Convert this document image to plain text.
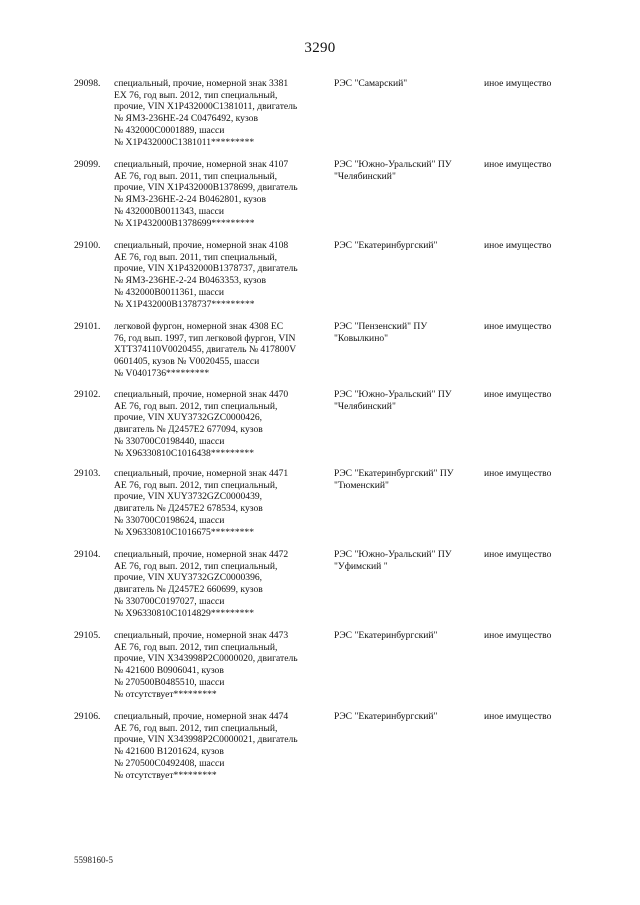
3290
29098.	специальный, прочие, номерной знак 3381
ЕХ 76, год вып. 2012, тип специальный,
прочие, VIN X1P432000C1381011, двигатель
№ ЯМЗ-236НЕ-24 С0476492, кузов
№ 432000С0001889, шасси
№ X1P432000С1381011*********
РЭС "Самарский"	иное имущество
29099.	специальный, прочие, номерной знак 4107
АЕ 76, год вып. 2011, тип специальный,
прочие, VIN X1P432000B1378699, двигатель
№ ЯМЗ-236НЕ-2-24 В0462801, кузов
№ 432000В0011343, шасси
№ X1P432000B1378699*********
РЭС "Южно-Уральский" ПУ
"Челябинский"
иное имущество
29100.	специальный, прочие, номерной знак 4108
АЕ 76, год вып. 2011, тип специальный,
прочие, VIN X1P432000B1378737, двигатель
№ ЯМЗ-236НЕ-2-24 В0463353, кузов
№ 432000В0011361, шасси
№ X1P432000B1378737*********
РЭС "Екатеринбургский"	иное имущество
29101.	легковой фургон, номерной знак 4308 ЕС
76, год вып. 1997, тип легковой фургон, VIN
XTT374110V0020455, двигатель № 417800V
0601405, кузов № V0020455, шасси
№ V0401736*********
РЭС "Пензенский" ПУ
"Ковылкино"
иное имущество
29102.	специальный, прочие, номерной знак 4470
АЕ 76, год вып. 2012, тип специальный,
прочие, VIN XUY3732GZC0000426,
двигатель № Д2457Е2 677094, кузов
№ 330700С0198440, шасси
№ X96330810C1016438*********
РЭС "Южно-Уральский" ПУ
"Челябинский"
иное имущество
29103.	специальный, прочие, номерной знак 4471
АЕ 76, год вып. 2012, тип специальный,
прочие, VIN XUY3732GZC0000439,
двигатель № Д2457Е2 678534, кузов
№ 330700С0198624, шасси
№ X96330810C1016675*********
РЭС "Екатеринбургский" ПУ
"Тюменский"
иное имущество
29104.	специальный, прочие, номерной знак 4472
АЕ 76, год вып. 2012, тип специальный,
прочие, VIN XUY3732GZC0000396,
двигатель № Д2457Е2 660699, кузов
№ 330700С0197027, шасси
№ X96330810C1014829*********
РЭС "Южно-Уральский" ПУ
"Уфимский "
иное имущество
29105.	специальный, прочие, номерной знак 4473
АЕ 76, год вып. 2012, тип специальный,
прочие, VIN X343998P2C0000020, двигатель
№ 421600 В0906041, кузов
№ 270500В0485510, шасси
№ отсутствует*********
РЭС "Екатеринбургский"	иное имущество
29106.	специальный, прочие, номерной знак 4474
АЕ 76, год вып. 2012, тип специальный,
прочие, VIN X343998P2C0000021, двигатель
№ 421600 В1201624, кузов
№ 270500С0492408, шасси
№ отсутствует*********
РЭС "Екатеринбургский"	иное имущество
5598160-5
